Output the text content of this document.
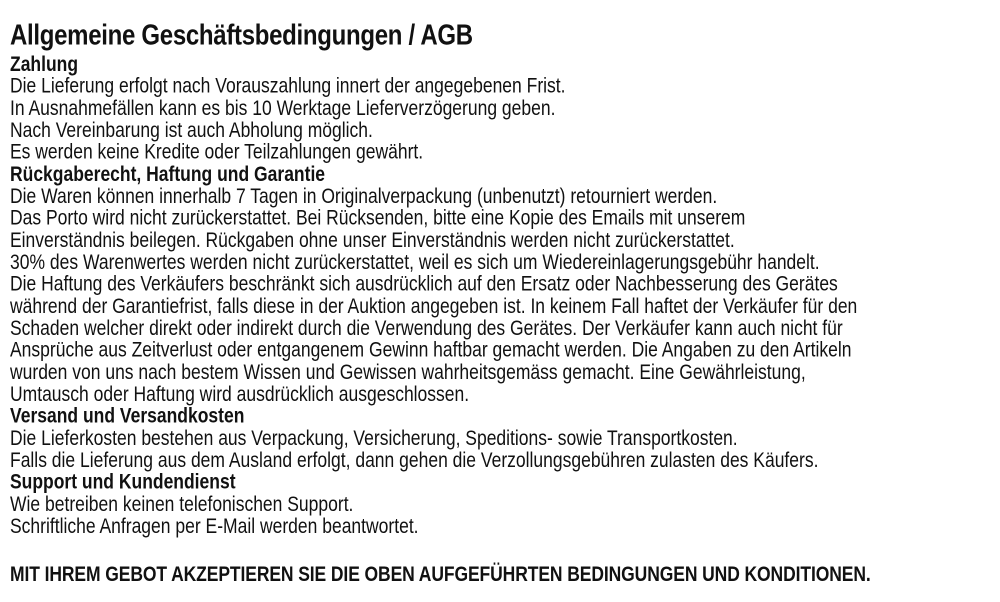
Allgemeine Geschäftsbedingungen / AGB
Zahlung
Die Lieferung erfolgt nach Vorauszahlung innert der angegebenen Frist.
In Ausnahmefällen kann es bis 10 Werktage Lieferverzögerung geben.
Nach Vereinbarung ist auch Abholung möglich.
Es werden keine Kredite oder Teilzahlungen gewährt.
Rückgaberecht, Haftung und Garantie
Die Waren können innerhalb 7 Tagen in Originalverpackung (unbenutzt) retourniert werden.
Das Porto wird nicht zurückerstattet. Bei Rücksenden, bitte eine Kopie des Emails mit unserem
Einverständnis beilegen. Rückgaben ohne unser Einverständnis werden nicht zurückerstattet.
30% des Warenwertes werden nicht zurückerstattet, weil es sich um Wiedereinlagerungsgebühr handelt.
Die Haftung des Verkäufers beschränkt sich ausdrücklich auf den Ersatz oder Nachbesserung des Gerätes
während der Garantiefrist, falls diese in der Auktion angegeben ist. In keinem Fall haftet der Verkäufer für den
Schaden welcher direkt oder indirekt durch die Verwendung des Gerätes. Der Verkäufer kann auch nicht für
Ansprüche aus Zeitverlust oder entgangenem Gewinn haftbar gemacht werden. Die Angaben zu den Artikeln
wurden von uns nach bestem Wissen und Gewissen wahrheitsgemäss gemacht. Eine Gewährleistung,
Umtausch oder Haftung wird ausdrücklich ausgeschlossen.
Versand und Versandkosten
Die Lieferkosten bestehen aus Verpackung, Versicherung, Speditions- sowie Transportkosten.
Falls die Lieferung aus dem Ausland erfolgt, dann gehen die Verzollungsgebühren zulasten des Käufers.
Support und Kundendienst
Wie betreiben keinen telefonischen Support.
Schriftliche Anfragen per E-Mail werden beantwortet.
MIT IHREM GEBOT AKZEPTIEREN SIE DIE OBEN AUFGEFÜHRTEN BEDINGUNGEN UND KONDITIONEN.
